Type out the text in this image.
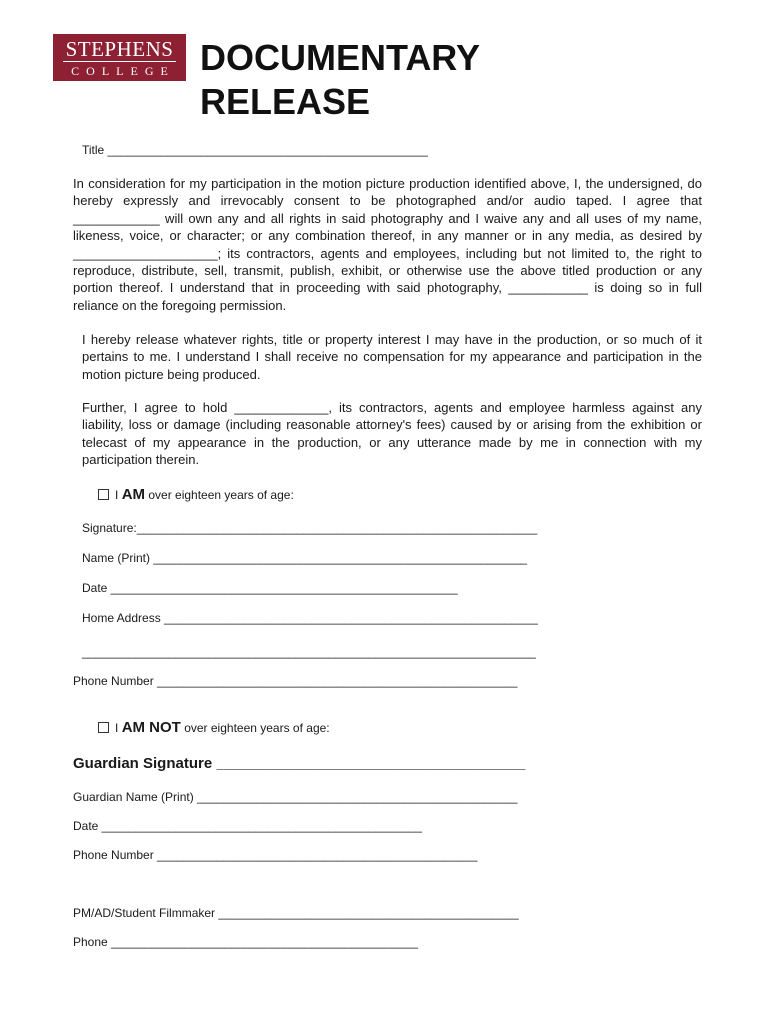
STEPHENS
COLLEGE DOCUMENTARY
RELEASE
Title ________________________________________________
In consideration for my participation in the motion picture production identified above, I, the undersigned, do hereby expressly and irrevocably consent to be photographed and/or audio taped. I agree that ____________ will own any and all rights in said photography and I waive any and all uses of my name, likeness, voice, or character; or any combination thereof, in any manner or in any media, as desired by ____________________; its contractors, agents and employees, including but not limited to, the right to reproduce, distribute, sell, transmit, publish, exhibit, or otherwise use the above titled production or any portion thereof. I understand that in proceeding with said photography, ___________ is doing so in full reliance on the foregoing permission.
I hereby release whatever rights, title or property interest I may have in the production, or so much of it pertains to me. I understand I shall receive no compensation for my appearance and participation in the motion picture being produced.
Further, I agree to hold _____________, its contractors, agents and employee harmless against any liability, loss or damage (including reasonable attorney's fees) caused by or arising from the exhibition or telecast of my appearance in the production, or any utterance made by me in connection with my participation therein.
I AM over eighteen years of age:
Signature:____________________________________________________________
Name (Print) ________________________________________________________
Date ____________________________________________________
Home Address ________________________________________________________
____________________________________________________________________
Phone Number ______________________________________________________
I AM NOT over eighteen years of age:
Guardian Signature _____________________________________
Guardian Name (Print) ________________________________________________
Date ________________________________________________
Phone Number ________________________________________________
PM/AD/Student Filmmaker _____________________________________________
Phone ______________________________________________
